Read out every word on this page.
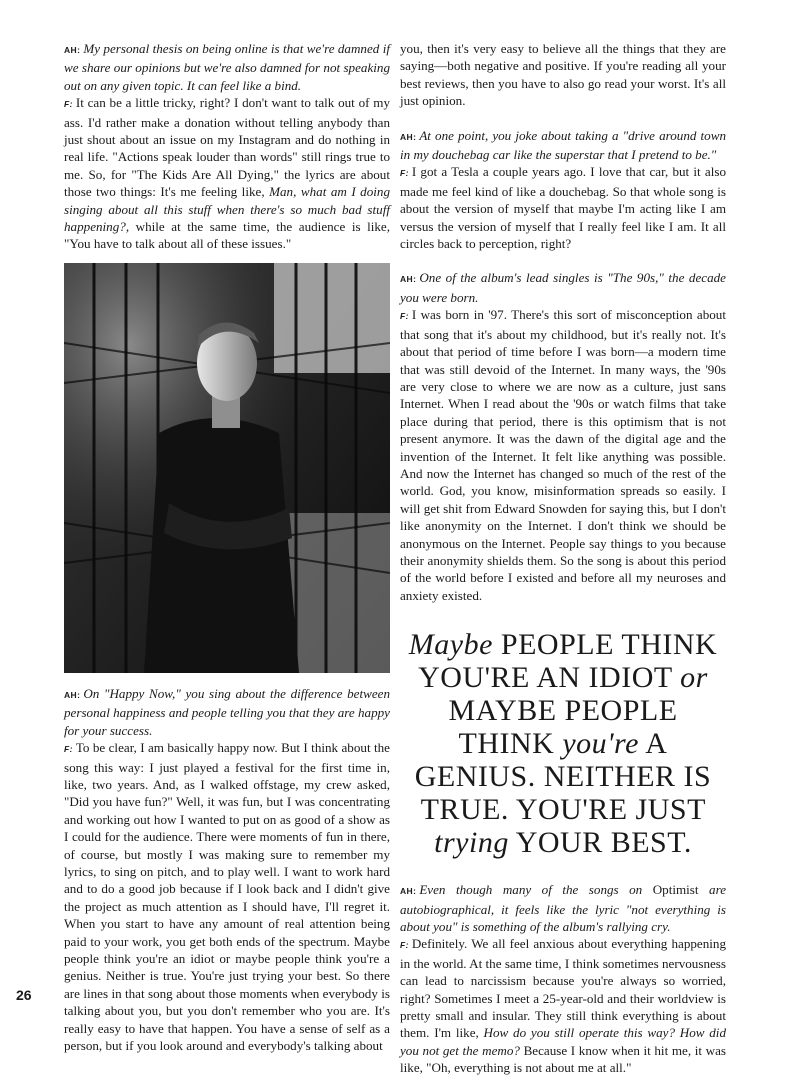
AH: My personal thesis on being online is that we're damned if we share our opinions but we're also damned for not speaking out on any given topic. It can feel like a bind.

F: It can be a little tricky, right? I don't want to talk out of my ass. I'd rather make a donation without telling anybody than just shout about an issue on my Instagram and do nothing in real life. "Actions speak louder than words" still rings true to me. So, for "The Kids Are All Dying," the lyrics are about those two things: It's me feeling like, Man, what am I doing singing about all this stuff when there's so much bad stuff happening?, while at the same time, the audience is like, "You have to talk about all of these issues."

AH: On "Happy Now," you sing about the difference between personal happiness and people telling you that they are happy for your success.

F: To be clear, I am basically happy now. But I think about the song this way: I just played a festival for the first time in, like, two years. And, as I walked offstage, my crew asked, "Did you have fun?" Well, it was fun, but I was concentrating and working out how I wanted to put on as good of a show as I could for the audience. There were moments of fun in there, of course, but mostly I was making sure to remember my lyrics, to sing on pitch, and to play well. I want to work hard and to do a good job because if I look back and I didn't give the project as much attention as I should have, I'll regret it. When you start to have any amount of real attention being paid to your work, you get both ends of the spectrum. Maybe people think you're an idiot or maybe people think you're a genius. Neither is true. You're just trying your best. So there are lines in that song about those moments when everybody is talking about you, but you don't remember who you are. It's really easy to have that happen. You have a sense of self as a person, but if you look around and everybody's talking about

you, then it's very easy to believe all the things that they are saying—both negative and positive. If you're reading all your best reviews, then you have to also go read your worst. It's all just opinion.

AH: At one point, you joke about taking a "drive around town in my douchebag car like the superstar that I pretend to be."

F: I got a Tesla a couple years ago. I love that car, but it also made me feel kind of like a douchebag. So that whole song is about the version of myself that maybe I'm acting like I am versus the version of myself that I really feel like I am. It all circles back to perception, right?

AH: One of the album's lead singles is "The 90s," the decade you were born.

F: I was born in '97. There's this sort of misconception about that song that it's about my childhood, but it's really not. It's about that period of time before I was born—a modern time that was still devoid of the Internet. In many ways, the '90s are very close to where we are now as a culture, just sans Internet. When I read about the '90s or watch films that take place during that period, there is this optimism that is not present anymore. It was the dawn of the digital age and the invention of the Internet. It felt like anything was possible. And now the Internet has changed so much of the rest of the world. God, you know, misinformation spreads so easily. I will get shit from Edward Snowden for saying this, but I don't like anonymity on the Internet. I don't think we should be anonymous on the Internet. People say things to you because their anonymity shields them. So the song is about this period of the world before I existed and before all my neuroses and anxiety existed.

Maybe PEOPLE THINK YOU'RE AN IDIOT or MAYBE PEOPLE THINK you're A GENIUS. NEITHER IS TRUE. YOU'RE JUST trying YOUR BEST.

AH: Even though many of the songs on Optimist are autobiographical, it feels like the lyric "not everything is about you" is something of the album's rallying cry.

F: Definitely. We all feel anxious about everything happening in the world. At the same time, I think sometimes nervousness can lead to narcissism because you're always so worried, right? Sometimes I meet a 25-year-old and their worldview is pretty small and insular. They still think everything is about them. I'm like, How do you still operate this way? How did you not get the memo? Because I know when it hit me, it was like, "Oh, everything is not about me at all."

26
